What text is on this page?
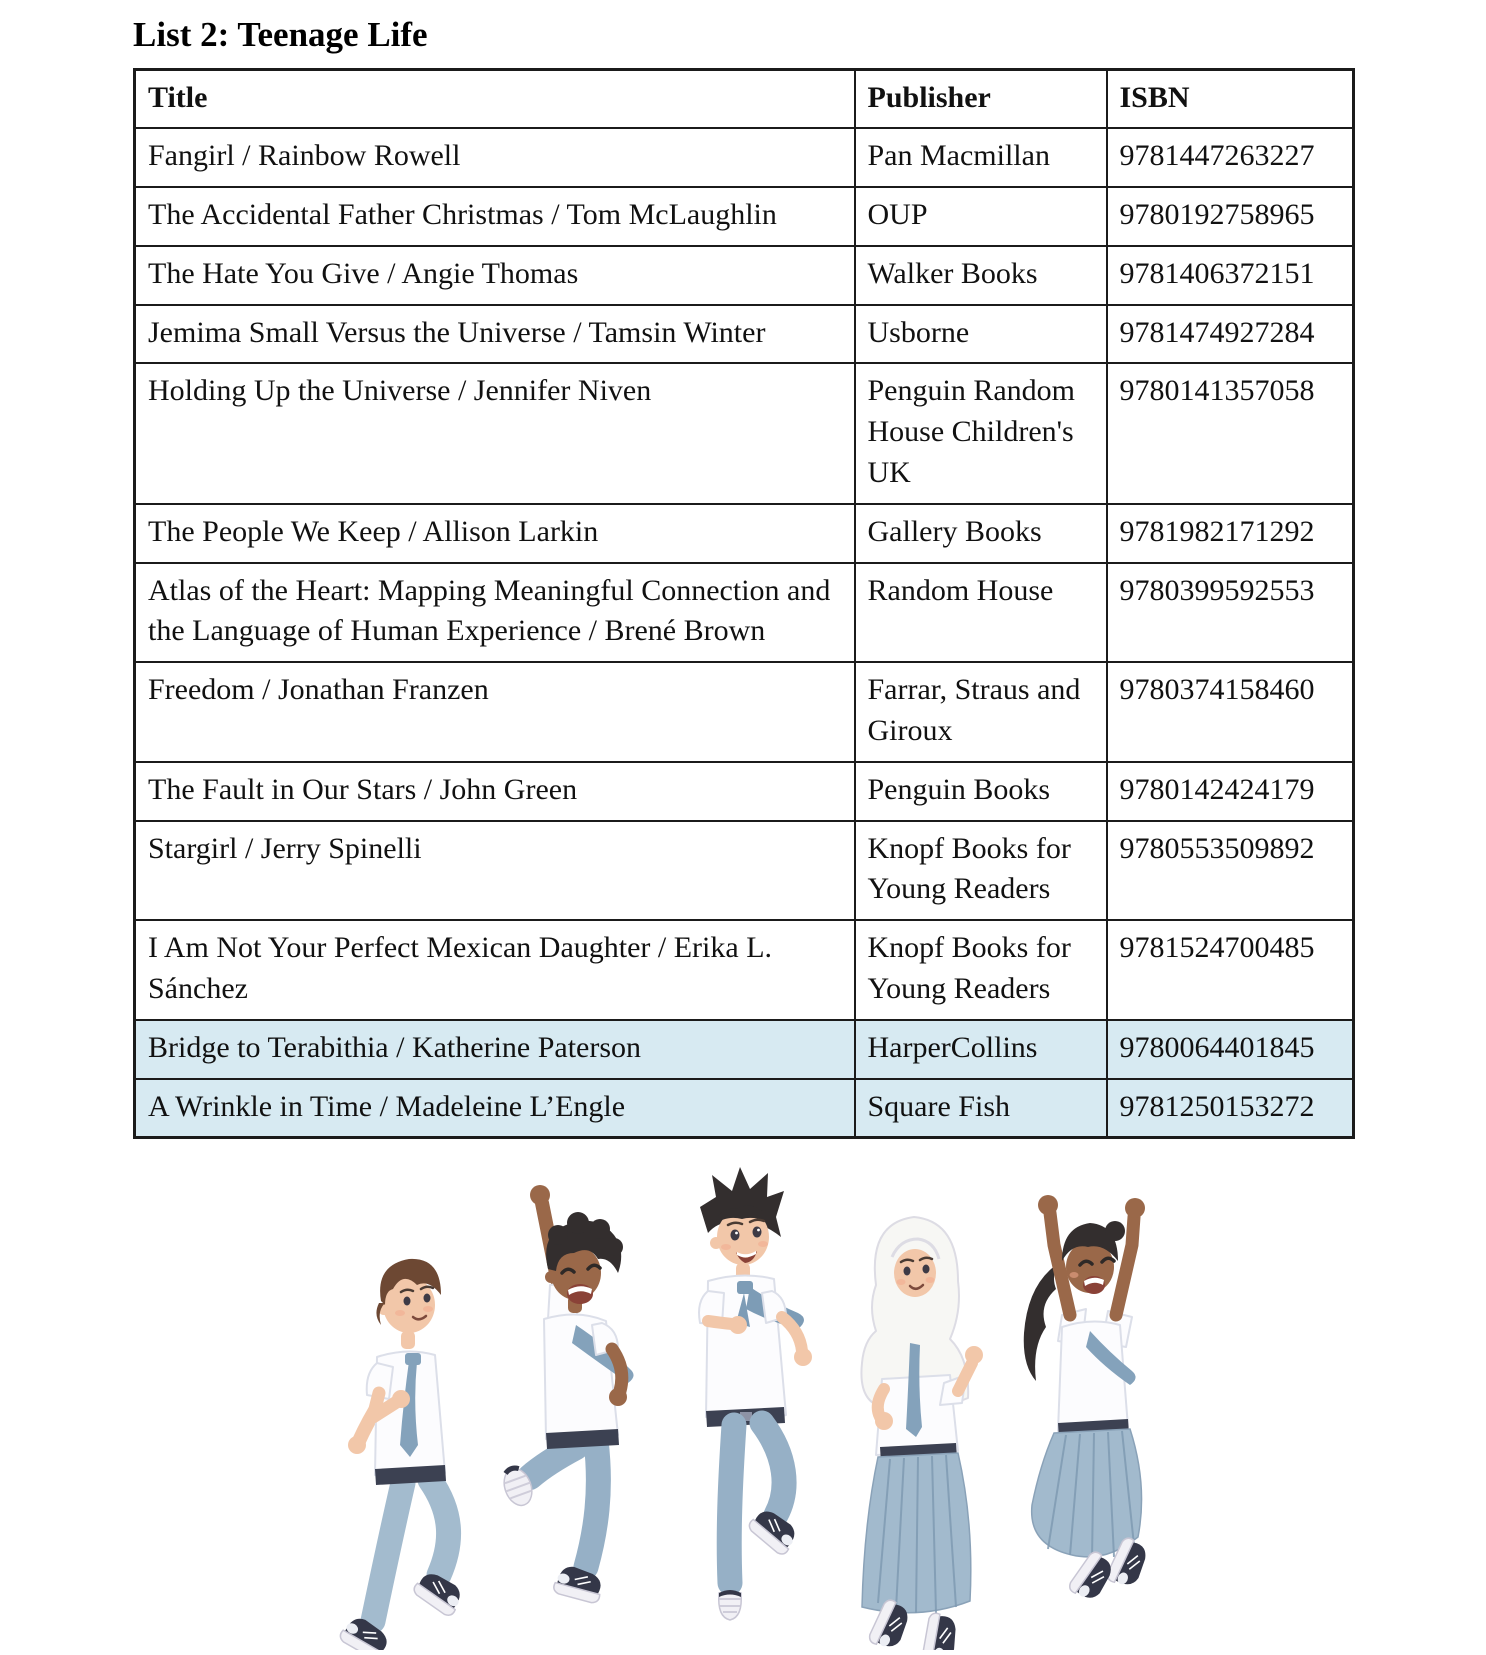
List 2: Teenage Life
Title	Publisher	ISBN
Fangirl / Rainbow Rowell	Pan Macmillan	9781447263227
The Accidental Father Christmas / Tom McLaughlin	OUP	9780192758965
The Hate You Give / Angie Thomas	Walker Books	9781406372151
Jemima Small Versus the Universe / Tamsin Winter	Usborne	9781474927284
Holding Up the Universe / Jennifer Niven	Penguin Random House Children's UK	9780141357058
The People We Keep / Allison Larkin	Gallery Books	9781982171292
Atlas of the Heart: Mapping Meaningful Connection and the Language of Human Experience / Brené Brown	Random House	9780399592553
Freedom / Jonathan Franzen	Farrar, Straus and Giroux	9780374158460
The Fault in Our Stars / John Green	Penguin Books	9780142424179
Stargirl / Jerry Spinelli	Knopf Books for Young Readers	9780553509892
I Am Not Your Perfect Mexican Daughter / Erika L. Sánchez	Knopf Books for Young Readers	9781524700485
Bridge to Terabithia / Katherine Paterson	HarperCollins	9780064401845
A Wrinkle in Time / Madeleine L’Engle	Square Fish	9781250153272
